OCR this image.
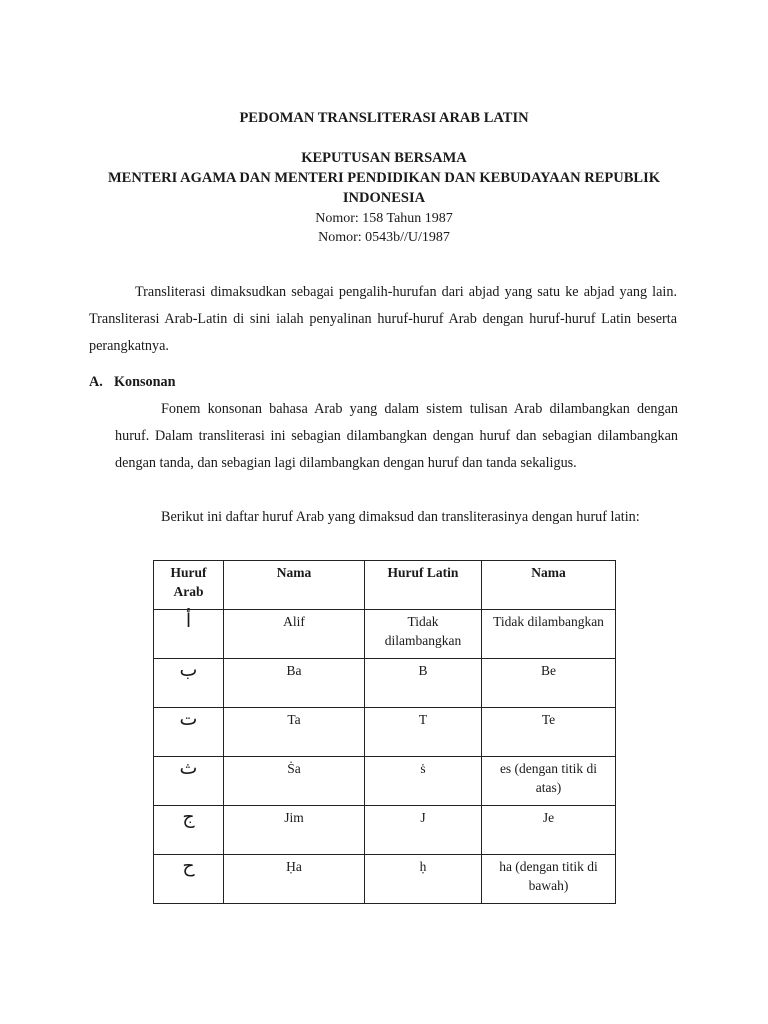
PEDOMAN TRANSLITERASI ARAB LATIN
KEPUTUSAN BERSAMA
MENTERI AGAMA DAN MENTERI PENDIDIKAN DAN KEBUDAYAAN REPUBLIK
INDONESIA
Nomor: 158 Tahun 1987
Nomor: 0543b//U/1987

Transliterasi dimaksudkan sebagai pengalih-hurufan dari abjad yang satu ke abjad yang lain. Transliterasi Arab-Latin di sini ialah penyalinan huruf-huruf Arab dengan huruf-huruf Latin beserta perangkatnya.

A. Konsonan

Fonem konsonan bahasa Arab yang dalam sistem tulisan Arab dilambangkan dengan huruf. Dalam transliterasi ini sebagian dilambangkan dengan huruf dan sebagian dilambangkan dengan tanda, dan sebagian lagi dilambangkan dengan huruf dan tanda sekaligus.

Berikut ini daftar huruf Arab yang dimaksud dan transliterasinya dengan huruf latin:

Huruf Arab	Nama	Huruf Latin	Nama
أ	Alif	Tidak dilambangkan	Tidak dilambangkan
ب	Ba	B	Be
ت	Ta	T	Te
ث	Ṡa	ṡ	es (dengan titik di atas)
ج	Jim	J	Je
ح	Ḥa	ḥ	ha (dengan titik di bawah)
